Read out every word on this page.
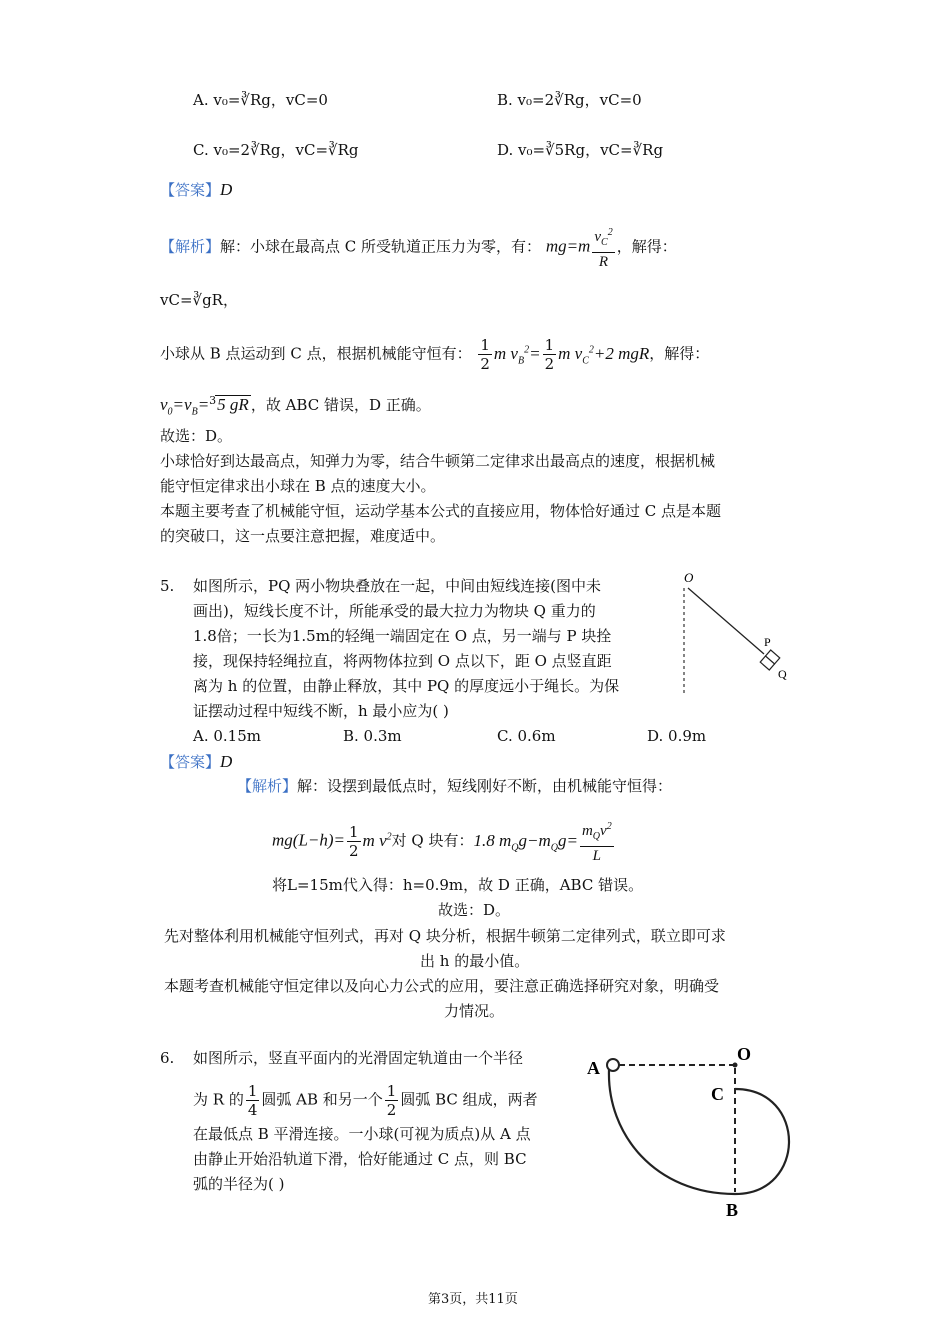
A. v₀=∛Rg，vC=0	B. v₀=2∛Rg，vC=0
C. v₀=2∛Rg，vC=∛Rg	D. v₀=∛5Rg，vC=∛Rg
【答案】D
【解析】解：小球在最高点 C 所受轨道正压力为零，有： $mg=m \frac{v_C^2}{R}$ ，解得：
vC=∛gR，
小球从 B 点运动到 C 点，根据机械能守恒有： $\frac{1}{2}$ m $v_B^2= \frac{1}{2}$ m $v_C^2+2$ mgR，解得：
$v_0=v_B=^35$ gR ，故 ABC 错误，D 正确。
故选：D。
小球恰好到达最高点，知弹力为零，结合牛顿第二定律求出最高点的速度，根据机械
能守恒定律求出小球在 B 点的速度大小。
本题主要考查了机械能守恒，运动学基本公式的直接应用，物体恰好通过 C 点是本题
的突破口，这一点要注意把握，难度适中。
5. 如图所示，PQ 两小物块叠放在一起，中间由短线连接(图中未
画出)，短线长度不计，所能承受的最大拉力为物块 Q 重力的
1.8倍；一长为1.5m的轻绳一端固定在 O 点，另一端与 P 块拴
接，现保持轻绳拉直，将两物体拉到 O 点以下，距 O 点竖直距
离为 h 的位置，由静止释放，其中 PQ 的厚度远小于绳长。为保
证摆动过程中短线不断，h 最小应为( )
O
P
Q
A. 0.15m	B. 0.3m	C. 0.6m	D. 0.9m
【答案】D
【解析】解：设摆到最低点时，短线刚好不断，由机械能守恒得：
$mg(L-h)= \frac{1}{2}$ m $v^2$对 Q 块有：1.8 $m_Qg-m_Qg= \frac{m_Qv^2}{L}$
将L=15m代入得：h=0.9m，故 D 正确，ABC 错误。
故选：D。
先对整体利用机械能守恒列式，再对 Q 块分析，根据牛顿第二定律列式，联立即可求
出 h 的最小值。
本题考查机械能守恒定律以及向心力公式的应用，要注意正确选择研究对象，明确受
力情况。
6. 如图所示，竖直平面内的光滑固定轨道由一个半径
为 R 的 $\frac{1}{4}$ 圆弧 AB 和另一个 $\frac{1}{2}$ 圆弧 BC 组成，两者
在最低点 B 平滑连接。一小球(可视为质点)从 A 点
由静止开始沿轨道下滑，恰好能通过 C 点，则 BC
弧的半径为( )
A
O
C
B
第3页，共11页
